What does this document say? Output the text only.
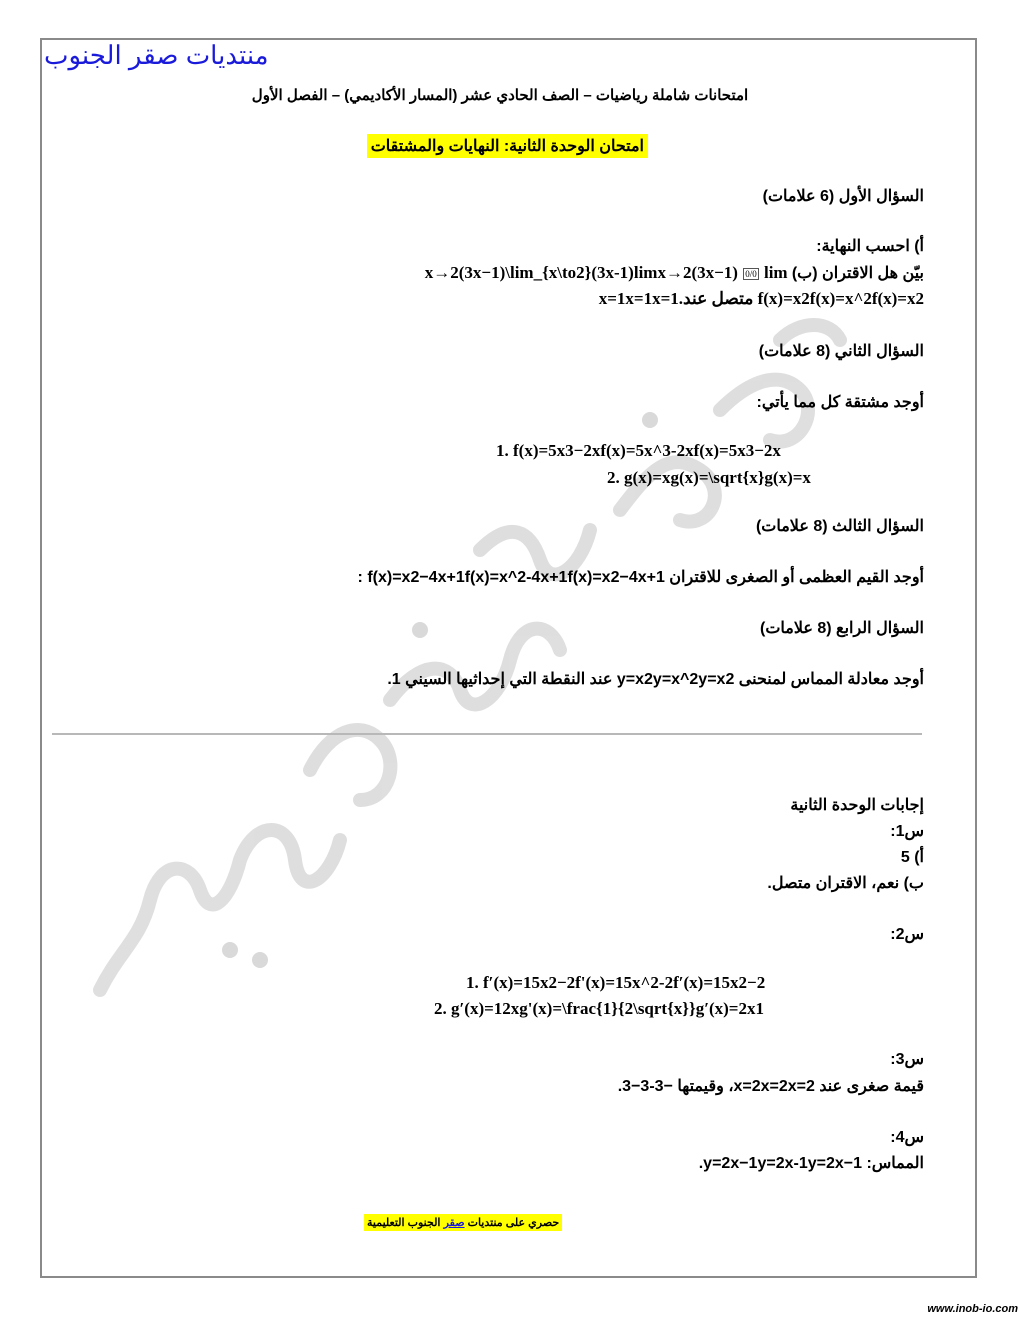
منتديات صقر الجنوب
امتحانات شاملة رياضيات – الصف الحادي عشر (المسار الأكاديمي) – الفصل الأول
امتحان الوحدة الثانية: النهايات والمشتقات
السؤال الأول (6 علامات)
أ) احسب النهاية:
x→2(3x−1)\lim_{x\to2}(3x-1)limx→2(3x−1) 0/0 lim (ب) بيّن هل الاقتران
x=1x=1x=1.متصل عند f(x)=x2f(x)=x^2f(x)=x2
السؤال الثاني (8 علامات)
أوجد مشتقة كل مما يأتي:
1. f(x)=5x3−2xf(x)=5x^3-2xf(x)=5x3−2x
2. g(x)=xg(x)=\sqrt{x}g(x)=x
السؤال الثالث (8 علامات)
أوجد القيم العظمى أو الصغرى للاقتران f(x)=x2−4x+1f(x)=x^2-4x+1f(x)=x2−4x+1 :
السؤال الرابع (8 علامات)
أوجد معادلة المماس لمنحنى y=x2y=x^2y=x2 عند النقطة التي إحداثيها السيني 1.
إجابات الوحدة الثانية
س1:
أ) 5
ب) نعم، الاقتران متصل.
س2:
1. f′(x)=15x2−2f'(x)=15x^2-2f′(x)=15x2−2
2. g′(x)=12xg'(x)=\frac{1}{2\sqrt{x}}g′(x)=2x1
س3:
قيمة صغرى عند x=2x=2x=2، وقيمتها −3-3−3.
س4:
المماس: y=2x−1y=2x-1y=2x−1.
حصري على منتديات صقر الجنوب التعليمية
www.inob-io.com
